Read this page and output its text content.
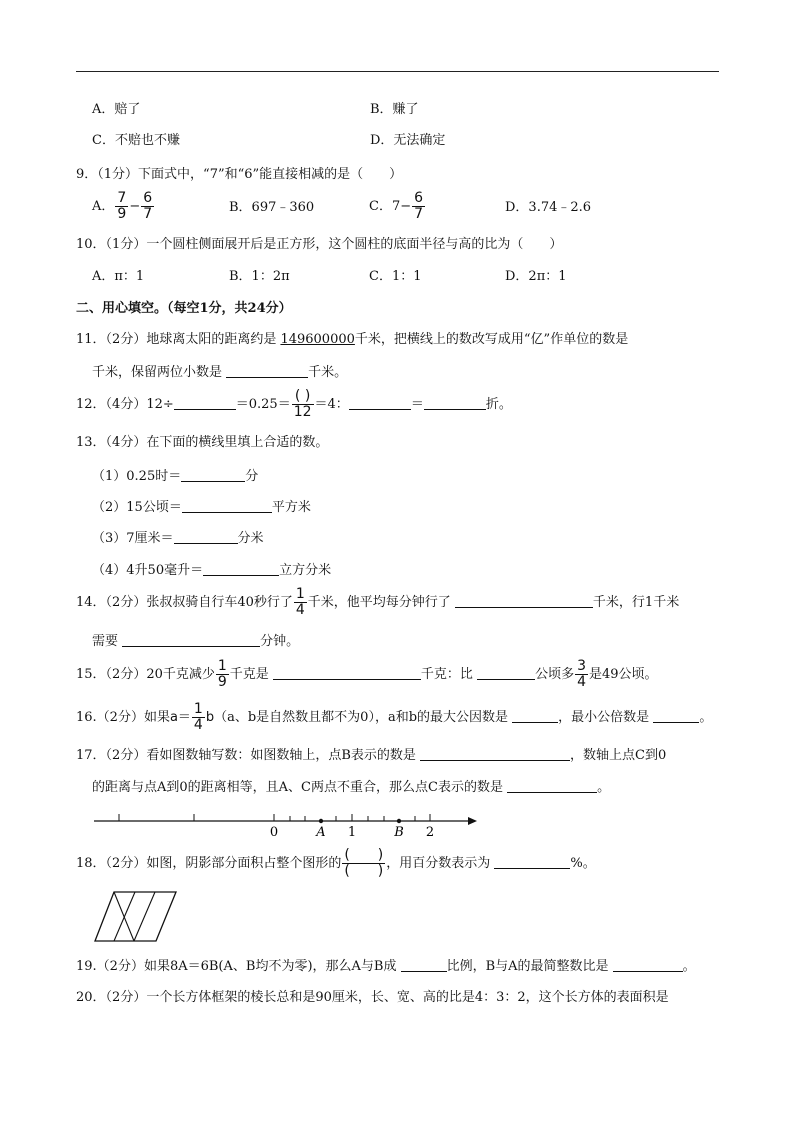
A．赔了	B．赚了
C．不赔也不赚	D．无法确定
9．（1分）下面式中，“7”和“6”能直接相减的是（　　）
A． $\frac{7}{9} - \frac{6}{7}$	B．697﹣360	C．$7- \frac{6}{7}$	D．3.74﹣2.6
10．（1分）一个圆柱侧面展开后是正方形，这个圆柱的底面半径与高的比为（　　）
A．π：1	B．1：2π	C．1：1	D．2π：1
二、用心填空。（每空1分，共24分）
11．（2分）地球离太阳的距离约是 149600000千米，把横线上的数改写成用“亿”作单位的数是
千米，保留两位小数是	千米。
12．（4分）12÷	$=0.25= \frac{( )}{12} =4$：	＝	折。
13．（4分）在下面的横线里填上合适的数。
（1）0.25时＝	分
（2）15公顷＝	平方米
（3）7厘米＝	分米
（4）4升50毫升＝	立方分米
14．（2分）张叔叔骑自行车40秒行了 $\frac{1}{4}$ 千米，他平均每分钟行了	千米，行1千米
需要	分钟。
15．（2分）20千克减少 $\frac{1}{9}$ 千克是	千克：比	公顷多 $\frac{3}{4}$ 是49公顷。
16.（2分）如果$a= \frac{1}{4} b(a$、b是自然数且都不为0），a和b的最大公因数是	，最小公倍数是	。
17．（2分）看如图数轴写数：如图数轴上，点B表示的数是	，数轴上点C到0
的距离与点A到0的距离相等，且A、C两点不重合，那么点C表示的数是	。
0	A 1	B 2
18．（2分）如图，阴影部分面积占整个图形的 $\frac{( )}{( )}$ ，用百分数表示为	%。
19.（2分）如果8A＝6B(A、B均不为零)，那么A与B成	比例，B与A的最简整数比是	。
20．（2分）一个长方体框架的棱长总和是90厘米，长、宽、高的比是4：3：2，这个长方体的表面积是
